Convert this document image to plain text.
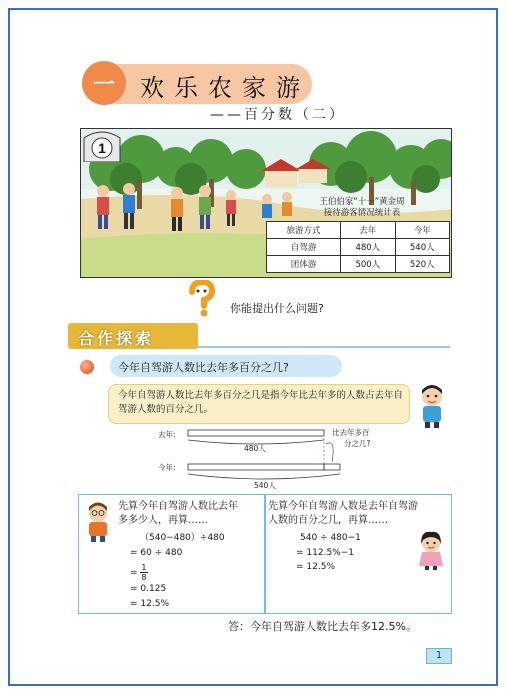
一	欢乐农家游
——百分数（二）
1
王伯伯家“十一”黄金周
接待游客情况统计表
旅游方式	去年	今年
自驾游	480人	540人
团体游	500人	520人
你能提出什么问题?
合作探索
今年自驾游人数比去年多百分之几?
今年自驾游人数比去年多百分之几是指今年比去年多的人数占去年自驾游人数的百分之几。
去年:
480人
今年:
540人
比去年多百
分之几?
先算今年自驾游人数比去年
多多少人，再算……
（540−480）÷480
= 60 ÷ 480
= $\frac{1}{8}$
= 0.125
= 12.5%
先算今年自驾游人数是去年自驾游
人数的百分之几，再算……
540 ÷ 480−1
= 112.5%−1
= 12.5%
答：今年自驾游人数比去年多12.5%。
1
